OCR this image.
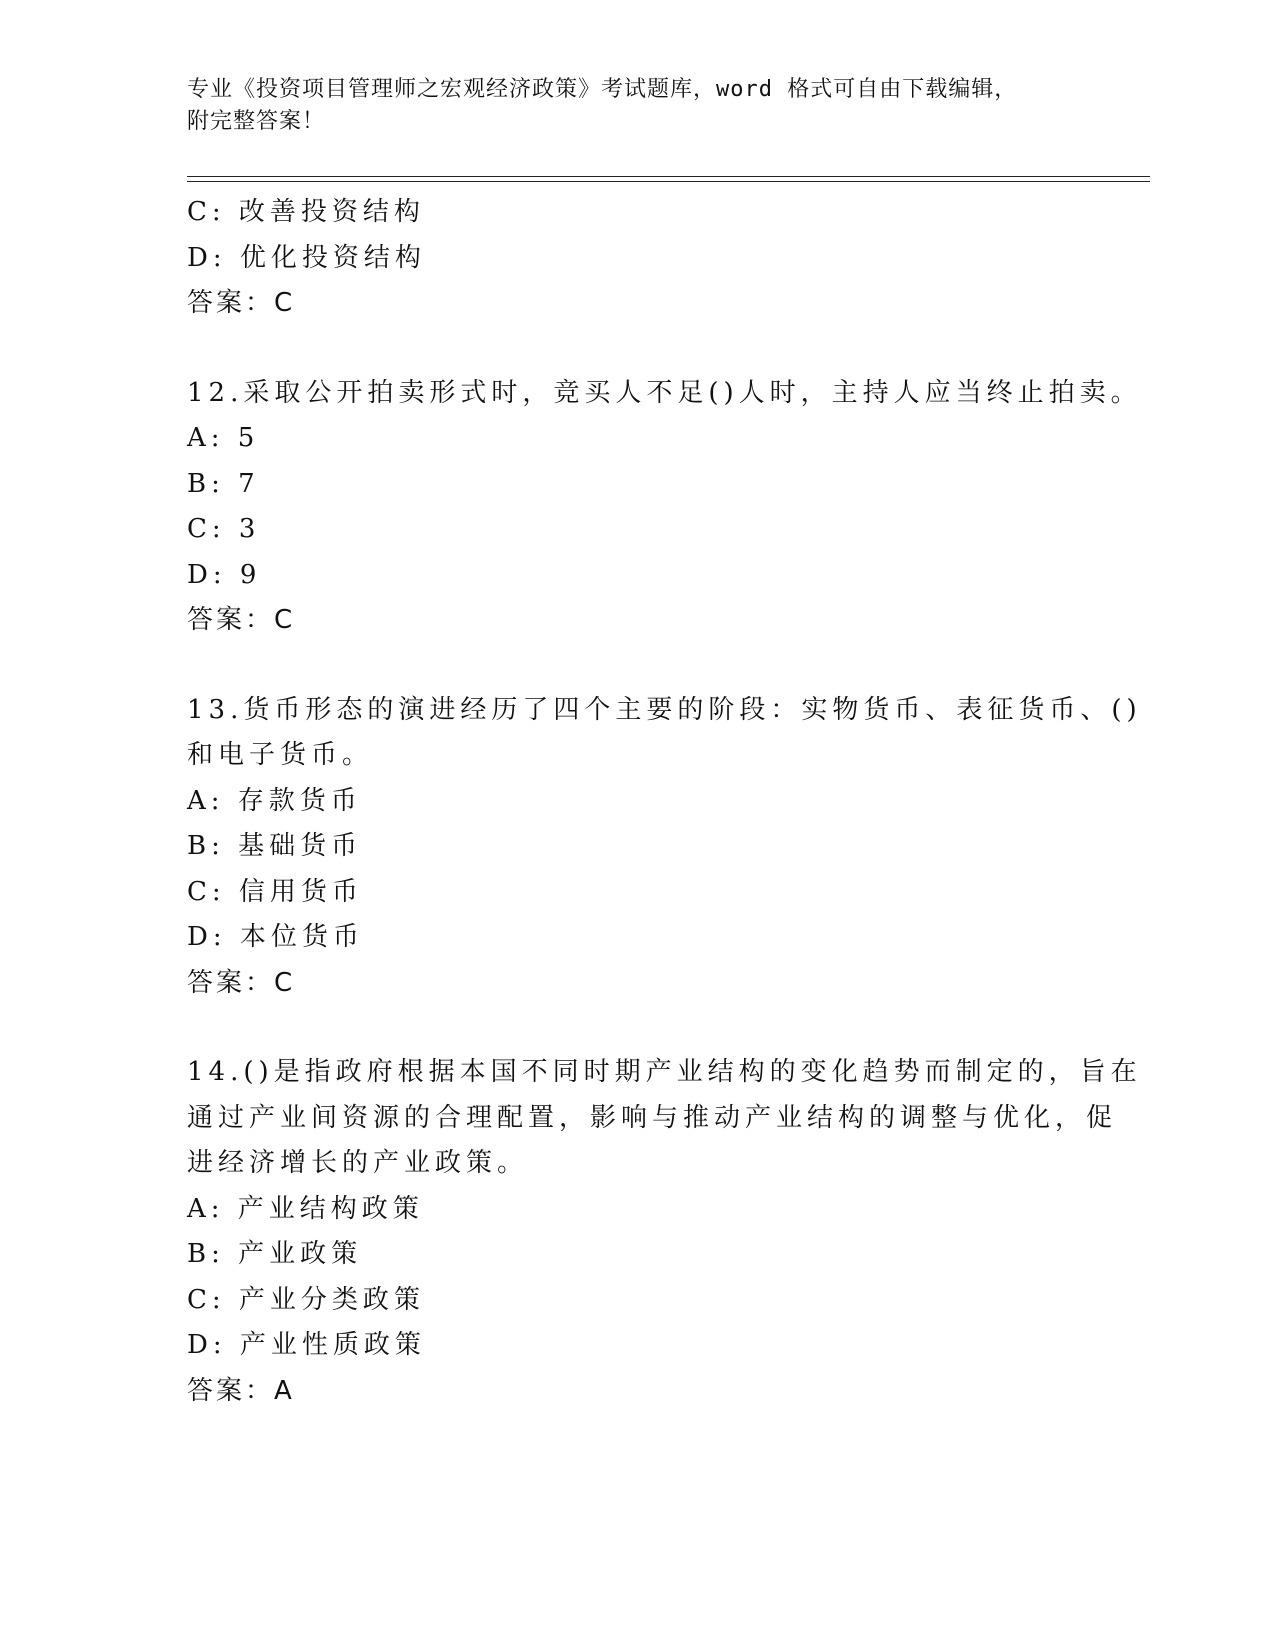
专业《投资项目管理师之宏观经济政策》考试题库，word 格式可自由下载编辑，
附完整答案！
C: 改善投资结构
D: 优化投资结构
答案：C
12.采取公开拍卖形式时，竞买人不足()人时，主持人应当终止拍卖。
A: 5
B: 7
C: 3
D: 9
答案：C
13.货币形态的演进经历了四个主要的阶段：实物货币、表征货币、()
和电子货币。
A: 存款货币
B: 基础货币
C: 信用货币
D: 本位货币
答案：C
14.()是指政府根据本国不同时期产业结构的变化趋势而制定的，旨在
通过产业间资源的合理配置，影响与推动产业结构的调整与优化，促
进经济增长的产业政策。
A: 产业结构政策
B: 产业政策
C: 产业分类政策
D: 产业性质政策
答案：A
